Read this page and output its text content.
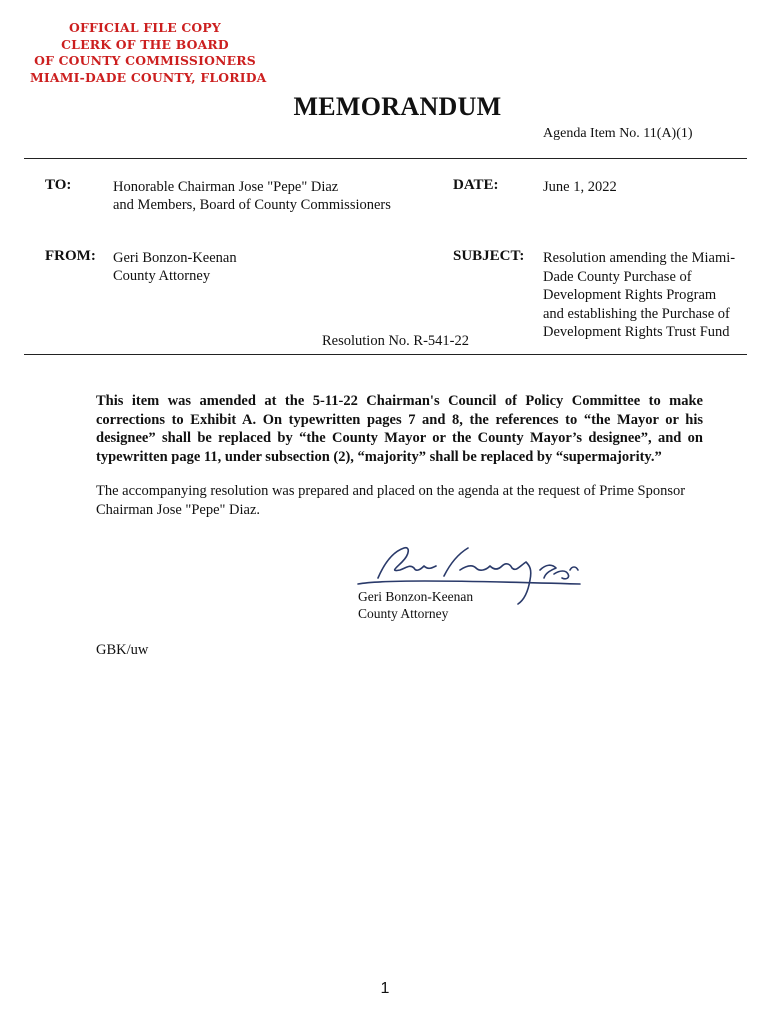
OFFICIAL FILE COPY
CLERK OF THE BOARD
OF COUNTY COMMISSIONERS
MIAMI-DADE COUNTY, FLORIDA
MEMORANDUM
Agenda Item No. 11(A)(1)
TO:	Honorable Chairman Jose "Pepe" Diaz
and Members, Board of County Commissioners
DATE:	June 1, 2022
FROM: Geri Bonzon-Keenan
County Attorney
SUBJECT: Resolution amending the Miami-
Dade County Purchase of
Development Rights Program
and establishing the Purchase of
Development Rights Trust Fund
Resolution No. R-541-22
This item was amended at the 5-11-22 Chairman's Council of Policy Committee to make corrections to Exhibit A. On typewritten pages 7 and 8, the references to “the Mayor or his designee” shall be replaced by “the County Mayor or the County Mayor’s designee”, and on typewritten page 11, under subsection (2), “majority” shall be replaced by “supermajority.”
The accompanying resolution was prepared and placed on the agenda at the request of Prime Sponsor Chairman Jose "Pepe" Diaz.
Geri Bonzon-Keenan
County Attorney
GBK/uw
1
